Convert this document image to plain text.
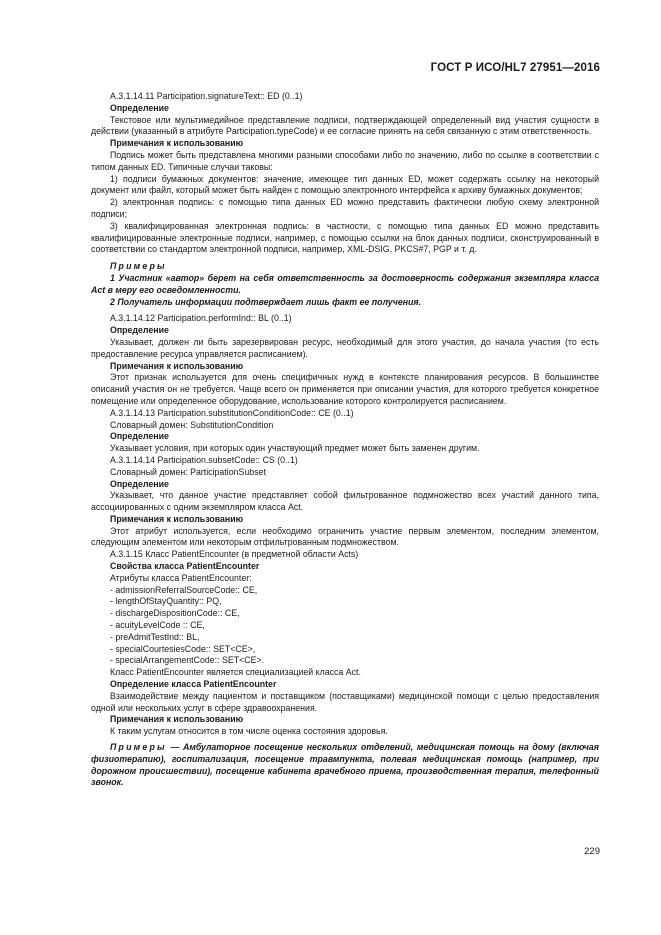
ГОСТ Р ИСО/HL7 27951—2016

А.3.1.14.11 Participation.signatureText:: ED (0..1)

Определение

Текстовое или мультимедийное представление подписи, подтверждающей определенный вид участия сущности в действии (указанный в атрибуте Participation.typeCode) и ее согласие принять на себя связанную с этим ответственность.

Примечания к использованию

Подпись может быть представлена многими разными способами либо по значению, либо по ссылке в соответствии с типом данных ED. Типичные случаи таковы:

1) подписи бумажных документов: значение, имеющее тип данных ED, может содержать ссылку на некоторый документ или файл, который может быть найден с помощью электронного интерфейса к архиву бумажных документов;

2) электронная подпись: с помощью типа данных ED можно представить фактически любую схему электронной подписи;

3) квалифицированная электронная подпись: в частности, с помощью типа данных ED можно представить квалифицированные электронные подписи, например, с помощью ссылки на блок данных подписи, сконструированный в соответствии со стандартом электронной подписи, например, XML-DSIG, PKCS#7, PGP и т. д.

Примеры

1 Участник «автор» берет на себя ответственность за достоверность содержания экземпляра класса Act в меру его осведомленности.

2 Получатель информации подтверждает лишь факт ее получения.

А.3.1.14.12 Participation.performInd:: BL (0..1)

Определение

Указывает, должен ли быть зарезервирован ресурс, необходимый для этого участия, до начала участия (то есть предоставление ресурса управляется расписанием).

Примечания к использованию

Этот признак используется для очень специфичных нужд в контексте планирования ресурсов. В большинстве описаний участия он не требуется. Чаще всего он применяется при описании участия, для которого требуется конкретное помещение или определенное оборудование, использование которого контролируется расписанием.

А.3.1.14.13 Participation.substitutionConditionCode:: CE (0..1)

Словарный домен: SubstitutionCondition

Определение

Указывает условия, при которых один участвующий предмет может быть заменен другим.

А.3.1.14.14 Participation.subsetCode:: CS (0..1)

Словарный домен: ParticipationSubset

Определение

Указывает, что данное участие представляет собой фильтрованное подмножество всех участий данного типа, ассоциированных с одним экземпляром класса Act.

Примечания к использованию

Этот атрибут используется, если необходимо ограничить участие первым элементом, последним элементом, следующим элементом или некоторым отфильтрованным подмножеством.

А.3.1.15 Класс PatientEncounter (в предметной области Acts)

Свойства класса PatientEncounter

Атрибуты класса PatientEncounter:

- admissionReferralSourceCode:: CE,
- lengthOfStayQuantity:: PQ,
- dischargeDispositionCode:: CE,
- acuityLevelCode :: CE,
- preAdmitTestInd:: BL,
- specialCourtesiesCode:: SET<CE>,
- specialArrangementCode:: SET<CE>.

Класс PatientEncounter является специализацией класса Act.

Определение класса PatientEncounter

Взаимодействие между пациентом и поставщиком (поставщиками) медицинской помощи с целью предоставления одной или нескольких услуг в сфере здравоохранения.

Примечания к использованию

К таким услугам относится в том числе оценка состояния здоровья.

Примеры — Амбулаторное посещение нескольких отделений, медицинская помощь на дому (включая физиотерапию), госпитализация, посещение травмпункта, полевая медицинская помощь (например, при дорожном происшествии), посещение кабинета врачебного приема, производственная терапия, телефонный звонок.

229
